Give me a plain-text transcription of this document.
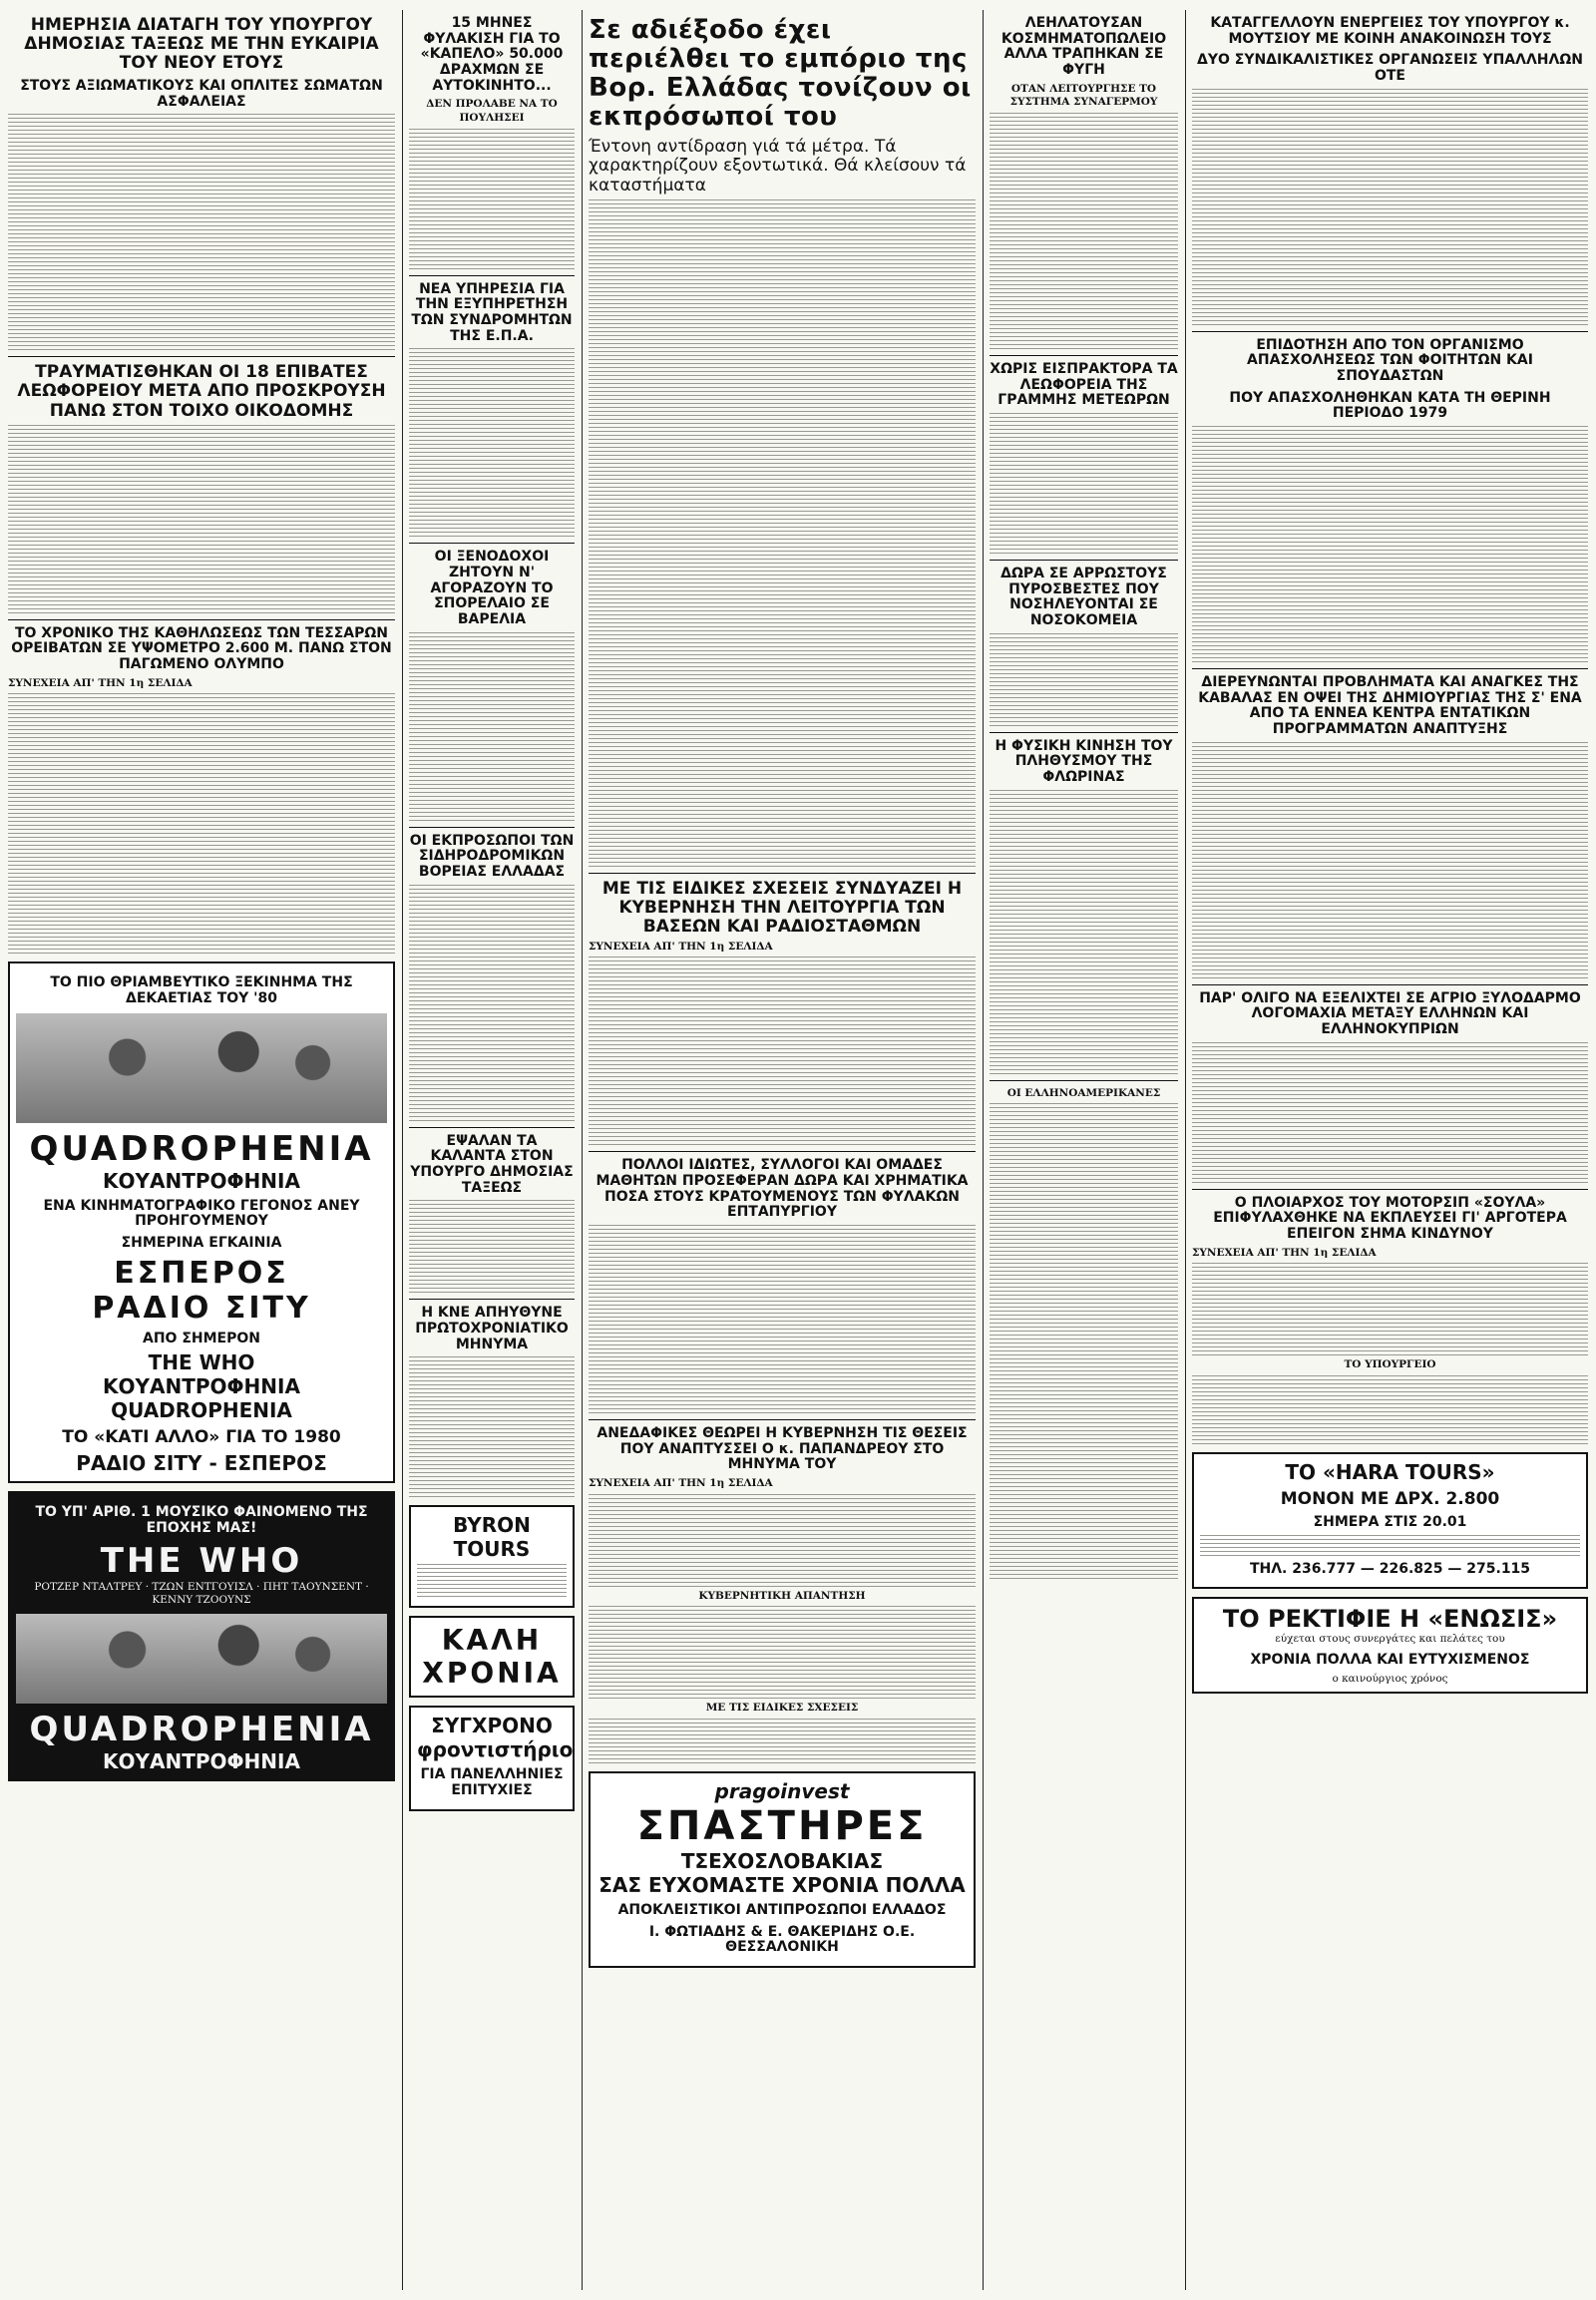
ΗΜΕΡΗΣΙΑ ΔΙΑΤΑΓΗ ΤΟΥ ΥΠΟΥΡΓΟΥ ΔΗΜΟΣΙΑΣ ΤΑΞΕΩΣ ΜΕ ΤΗΝ ΕΥΚΑΙΡΙΑ ΤΟΥ ΝΕΟΥ ΕΤΟΥΣ
ΣΤΟΥΣ ΑΞΙΩΜΑΤΙΚΟΥΣ ΚΑΙ ΟΠΛΙΤΕΣ ΣΩΜΑΤΩΝ ΑΣΦΑΛΕΙΑΣ
ΤΡΑΥΜΑΤΙΣΘΗΚΑΝ ΟΙ 18 ΕΠΙΒΑΤΕΣ ΛΕΩΦΟΡΕΙΟΥ ΜΕΤΑ ΑΠΟ ΠΡΟΣΚΡΟΥΣΗ ΠΑΝΩ ΣΤΟΝ ΤΟΙΧΟ ΟΙΚΟΔΟΜΗΣ
ΤΟ ΧΡΟΝΙΚΟ ΤΗΣ ΚΑΘΗΛΩΣΕΩΣ ΤΩΝ ΤΕΣΣΑΡΩΝ ΟΡΕΙΒΑΤΩΝ ΣΕ ΥΨΟΜΕΤΡΟ 2.600 Μ. ΠΑΝΩ ΣΤΟΝ ΠΑΓΩΜΕΝΟ ΟΛΥΜΠΟ
ΣΥΝΕΧΕΙΑ ΑΠ' ΤΗΝ 1η ΣΕΛΙΔΑ
ΤΟ ΠΙΟ ΘΡΙΑΜΒΕΥΤΙΚΟ ΞΕΚΙΝΗΜΑ ΤΗΣ ΔΕΚΑΕΤΙΑΣ ΤΟΥ '80
QUADROPHENIA
ΚΟΥΑΝΤΡΟΦΗΝΙΑ
ΕΝΑ ΚΙΝΗΜΑΤΟΓΡΑΦΙΚΟ ΓΕΓΟΝΟΣ ΑΝΕΥ ΠΡΟΗΓΟΥΜΕΝΟΥ
ΣΗΜΕΡΙΝΑ ΕΓΚΑΙΝΙΑ
ΕΣΠΕΡΟΣ
ΡΑΔΙΟ ΣΙΤΥ
ΑΠΟ ΣΗΜΕΡΟΝ
THE WHO
ΚΟΥΑΝΤΡΟΦΗΝΙΑ QUADROPHENIA
ΤΟ «ΚΑΤΙ ΑΛΛΟ» ΓΙΑ ΤΟ 1980
ΡΑΔΙΟ ΣΙΤΥ - ΕΣΠΕΡΟΣ
ΤΟ ΥΠ' ΑΡΙΘ. 1 ΜΟΥΣΙΚΟ ΦΑΙΝΟΜΕΝΟ ΤΗΣ ΕΠΟΧΗΣ ΜΑΣ!
THE WHO
ΡΟΤΖΕΡ ΝΤΑΛΤΡΕΥ · ΤΖΩΝ ΕΝΤΓΟΥΙΣΛ · ΠΗΤ ΤΑΟΥΝΣΕΝΤ · ΚΕΝΝΥ ΤΖΟΟΥΝΣ
QUADROPHENIA
ΚΟΥΑΝΤΡΟΦΗΝΙΑ
15 ΜΗΝΕΣ ΦΥΛΑΚΙΣΗ ΓΙΑ ΤΟ «ΚΑΠΕΛΟ» 50.000 ΔΡΑΧΜΩΝ ΣΕ ΑΥΤΟΚΙΝΗΤΟ...
ΔΕΝ ΠΡΟΛΑΒΕ ΝΑ ΤΟ ΠΟΥΛΗΣΕΙ
ΝΕΑ ΥΠΗΡΕΣΙΑ ΓΙΑ ΤΗΝ ΕΞΥΠΗΡΕΤΗΣΗ ΤΩΝ ΣΥΝΔΡΟΜΗΤΩΝ ΤΗΣ Ε.Π.Α.
ΟΙ ΞΕΝΟΔΟΧΟΙ ΖΗΤΟΥΝ Ν' ΑΓΟΡΑΖΟΥΝ ΤΟ ΣΠΟΡΕΛΑΙΟ ΣΕ ΒΑΡΕΛΙΑ
ΟΙ ΕΚΠΡΟΣΩΠΟΙ ΤΩΝ ΣΙΔΗΡΟΔΡΟΜΙΚΩΝ ΒΟΡΕΙΑΣ ΕΛΛΑΔΑΣ
ΕΨΑΛΑΝ ΤΑ ΚΑΛΑΝΤΑ ΣΤΟΝ ΥΠΟΥΡΓΟ ΔΗΜΟΣΙΑΣ ΤΑΞΕΩΣ
Η ΚΝΕ ΑΠΗΥΘΥΝΕ ΠΡΩΤΟΧΡΟΝΙΑΤΙΚΟ ΜΗΝΥΜΑ
BYRON TOURS
ΚΑΛΗ ΧΡΟΝΙΑ
ΣΥΓΧΡΟΝΟ φροντιστήριο
ΓΙΑ ΠΑΝΕΛΛΗΝΙΕΣ ΕΠΙΤΥΧΙΕΣ
Σε αδιέξοδο έχει περιέλθει το εμπόριο της Βορ. Ελλάδας τονίζουν οι εκπρόσωποί του
Έντονη αντίδραση γιά τά μέτρα. Τά χαρακτηρίζουν εξοντωτικά. Θά κλείσουν τά καταστήματα
ΜΕ ΤΙΣ ΕΙΔΙΚΕΣ ΣΧΕΣΕΙΣ ΣΥΝΔΥΑΖΕΙ Η ΚΥΒΕΡΝΗΣΗ ΤΗΝ ΛΕΙΤΟΥΡΓΙΑ ΤΩΝ ΒΑΣΕΩΝ ΚΑΙ ΡΑΔΙΟΣΤΑΘΜΩΝ
ΣΥΝΕΧΕΙΑ ΑΠ' ΤΗΝ 1η ΣΕΛΙΔΑ
ΠΟΛΛΟΙ ΙΔΙΩΤΕΣ, ΣΥΛΛΟΓΟΙ ΚΑΙ ΟΜΑΔΕΣ ΜΑΘΗΤΩΝ ΠΡΟΣΕΦΕΡΑΝ ΔΩΡΑ ΚΑΙ ΧΡΗΜΑΤΙΚΑ ΠΟΣΑ ΣΤΟΥΣ ΚΡΑΤΟΥΜΕΝΟΥΣ ΤΩΝ ΦΥΛΑΚΩΝ ΕΠΤΑΠΥΡΓΙΟΥ
ΑΝΕΔΑΦΙΚΕΣ ΘΕΩΡΕΙ Η ΚΥΒΕΡΝΗΣΗ ΤΙΣ ΘΕΣΕΙΣ ΠΟΥ ΑΝΑΠΤΥΣΣΕΙ Ο κ. ΠΑΠΑΝΔΡΕΟΥ ΣΤΟ ΜΗΝΥΜΑ ΤΟΥ
ΣΥΝΕΧΕΙΑ ΑΠ' ΤΗΝ 1η ΣΕΛΙΔΑ
ΚΥΒΕΡΝΗΤΙΚΗ ΑΠΑΝΤΗΣΗ
ΜΕ ΤΙΣ ΕΙΔΙΚΕΣ ΣΧΕΣΕΙΣ
pragoinvest
ΣΠΑΣΤΗΡΕΣ
ΤΣΕΧΟΣΛΟΒΑΚΙΑΣ
ΣΑΣ ΕΥΧΟΜΑΣΤΕ ΧΡΟΝΙΑ ΠΟΛΛΑ
ΑΠΟΚΛΕΙΣΤΙΚΟΙ ΑΝΤΙΠΡΟΣΩΠΟΙ ΕΛΛΑΔΟΣ
Ι. ΦΩΤΙΑΔΗΣ & Ε. ΘΑΚΕΡΙΔΗΣ Ο.Ε. ΘΕΣΣΑΛΟΝΙΚΗ
ΛΕΗΛΑΤΟΥΣΑΝ ΚΟΣΜΗΜΑΤΟΠΩΛΕΙΟ ΑΛΛΑ ΤΡΑΠΗΚΑΝ ΣΕ ΦΥΓΗ
ΟΤΑΝ ΛΕΙΤΟΥΡΓΗΣΕ ΤΟ ΣΥΣΤΗΜΑ ΣΥΝΑΓΕΡΜΟΥ
ΧΩΡΙΣ ΕΙΣΠΡΑΚΤΟΡΑ ΤΑ ΛΕΩΦΟΡΕΙΑ ΤΗΣ ΓΡΑΜΜΗΣ ΜΕΤΕΩΡΩΝ
ΔΩΡΑ ΣΕ ΑΡΡΩΣΤΟΥΣ ΠΥΡΟΣΒΕΣΤΕΣ ΠΟΥ ΝΟΣΗΛΕΥΟΝΤΑΙ ΣΕ ΝΟΣΟΚΟΜΕΙΑ
Η ΦΥΣΙΚΗ ΚΙΝΗΣΗ ΤΟΥ ΠΛΗΘΥΣΜΟΥ ΤΗΣ ΦΛΩΡΙΝΑΣ
ΟΙ ΕΛΛΗΝΟΑΜΕΡΙΚΑΝΕΣ
ΚΑΤΑΓΓΕΛΛΟΥΝ ΕΝΕΡΓΕΙΕΣ ΤΟΥ ΥΠΟΥΡΓΟΥ κ. ΜΟΥΤΣΙΟΥ ΜΕ ΚΟΙΝΗ ΑΝΑΚΟΙΝΩΣΗ ΤΟΥΣ
ΔΥΟ ΣΥΝΔΙΚΑΛΙΣΤΙΚΕΣ ΟΡΓΑΝΩΣΕΙΣ ΥΠΑΛΛΗΛΩΝ ΟΤΕ
ΕΠΙΔΟΤΗΣΗ ΑΠΟ ΤΟΝ ΟΡΓΑΝΙΣΜΟ ΑΠΑΣΧΟΛΗΣΕΩΣ ΤΩΝ ΦΟΙΤΗΤΩΝ ΚΑΙ ΣΠΟΥΔΑΣΤΩΝ
ΠΟΥ ΑΠΑΣΧΟΛΗΘΗΚΑΝ ΚΑΤΑ ΤΗ ΘΕΡΙΝΗ ΠΕΡΙΟΔΟ 1979
ΔΙΕΡΕΥΝΩΝΤΑΙ ΠΡΟΒΛΗΜΑΤΑ ΚΑΙ ΑΝΑΓΚΕΣ ΤΗΣ ΚΑΒΑΛΑΣ ΕΝ ΟΨΕΙ ΤΗΣ ΔΗΜΙΟΥΡΓΙΑΣ ΤΗΣ Σ' ΕΝΑ ΑΠΟ ΤΑ ΕΝΝΕΑ ΚΕΝΤΡΑ ΕΝΤΑΤΙΚΩΝ ΠΡΟΓΡΑΜΜΑΤΩΝ ΑΝΑΠΤΥΞΗΣ
ΠΑΡ' ΟΛΙΓΟ ΝΑ ΕΞΕΛΙΧΤΕΙ ΣΕ ΑΓΡΙΟ ΞΥΛΟΔΑΡΜΟ ΛΟΓΟΜΑΧΙΑ ΜΕΤΑΞΥ ΕΛΛΗΝΩΝ ΚΑΙ ΕΛΛΗΝΟΚΥΠΡΙΩΝ
Ο ΠΛΟΙΑΡΧΟΣ ΤΟΥ ΜΟΤΟΡΣΙΠ «ΣΟΥΛΑ» ΕΠΙΦΥΛΑΧΘΗΚΕ ΝΑ ΕΚΠΛΕΥΣΕΙ ΓΙ' ΑΡΓΟΤΕΡΑ ΕΠΕΙΓΟΝ ΣΗΜΑ ΚΙΝΔΥΝΟΥ
ΣΥΝΕΧΕΙΑ ΑΠ' ΤΗΝ 1η ΣΕΛΙΔΑ
ΤΟ ΥΠΟΥΡΓΕΙΟ
ΤΟ «HARA TOURS»
ΜΟΝΟΝ ΜΕ ΔΡΧ. 2.800
ΣΗΜΕΡΑ ΣΤΙΣ 20.01
ΤΗΛ. 236.777 — 226.825 — 275.115
ΤΟ ΡΕΚΤΙΦΙΕ Η «ΕΝΩΣΙΣ»
εύχεται στους συνεργάτες και πελάτες του
ΧΡΟΝΙΑ ΠΟΛΛΑ ΚΑΙ ΕΥΤΥΧΙΣΜΕΝΟΣ
ο καινούργιος χρόνος
